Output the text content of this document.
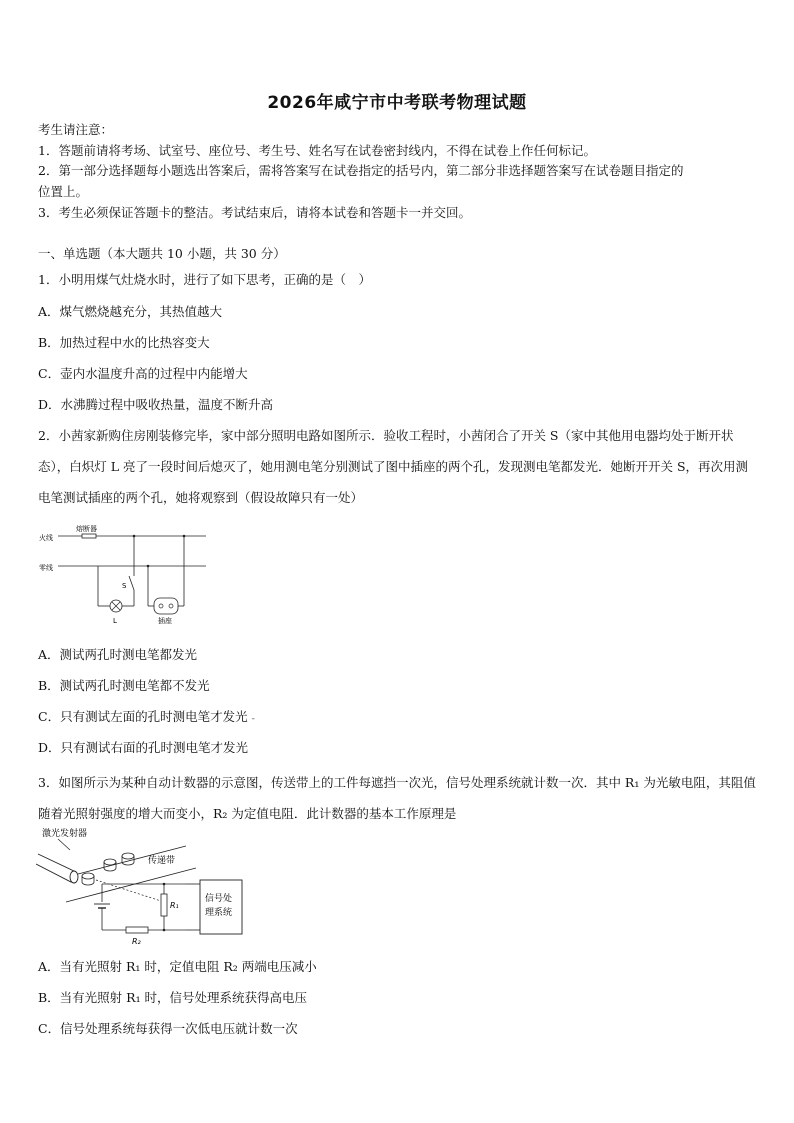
2026年咸宁市中考联考物理试题
考生请注意：
1．答题前请将考场、试室号、座位号、考生号、姓名写在试卷密封线内，不得在试卷上作任何标记。
2．第一部分选择题每小题选出答案后，需将答案写在试卷指定的括号内，第二部分非选择题答案写在试卷题目指定的
位置上。
3．考生必须保证答题卡的整洁。考试结束后，请将本试卷和答题卡一并交回。
一、单选题（本大题共 10 小题，共 30 分）
1．小明用煤气灶烧水时，进行了如下思考，正确的是（　）
A．煤气燃烧越充分，其热值越大
B．加热过程中水的比热容变大
C．壶内水温度升高的过程中内能增大
D．水沸腾过程中吸收热量，温度不断升高
2．小茜家新购住房刚装修完毕，家中部分照明电路如图所示．验收工程时，小茜闭合了开关 S（家中其他用电器均处于断开状态），白炽灯 L 亮了一段时间后熄灭了，她用测电笔分别测试了图中插座的两个孔，发现测电笔都发光．她断开开关 S，再次用测电笔测试插座的两个孔，她将观察到（假设故障只有一处）
火线
熔断器
零线
L
S
插座
A．测试两孔时测电笔都发光
B．测试两孔时测电笔都不发光
C．只有测试左面的孔时测电笔才发光 -
D．只有测试右面的孔时测电笔才发光
3．如图所示为某种自动计数器的示意图，传送带上的工件每遮挡一次光，信号处理系统就计数一次．其中 R₁ 为光敏电阻，其阻值随着光照射强度的增大而变小，R₂ 为定值电阻．此计数器的基本工作原理是
激光发射器
传递带
R₂
R₁
信号处
理系统
A．当有光照射 R₁ 时，定值电阻 R₂ 两端电压减小
B．当有光照射 R₁ 时，信号处理系统获得高电压
C．信号处理系统每获得一次低电压就计数一次
